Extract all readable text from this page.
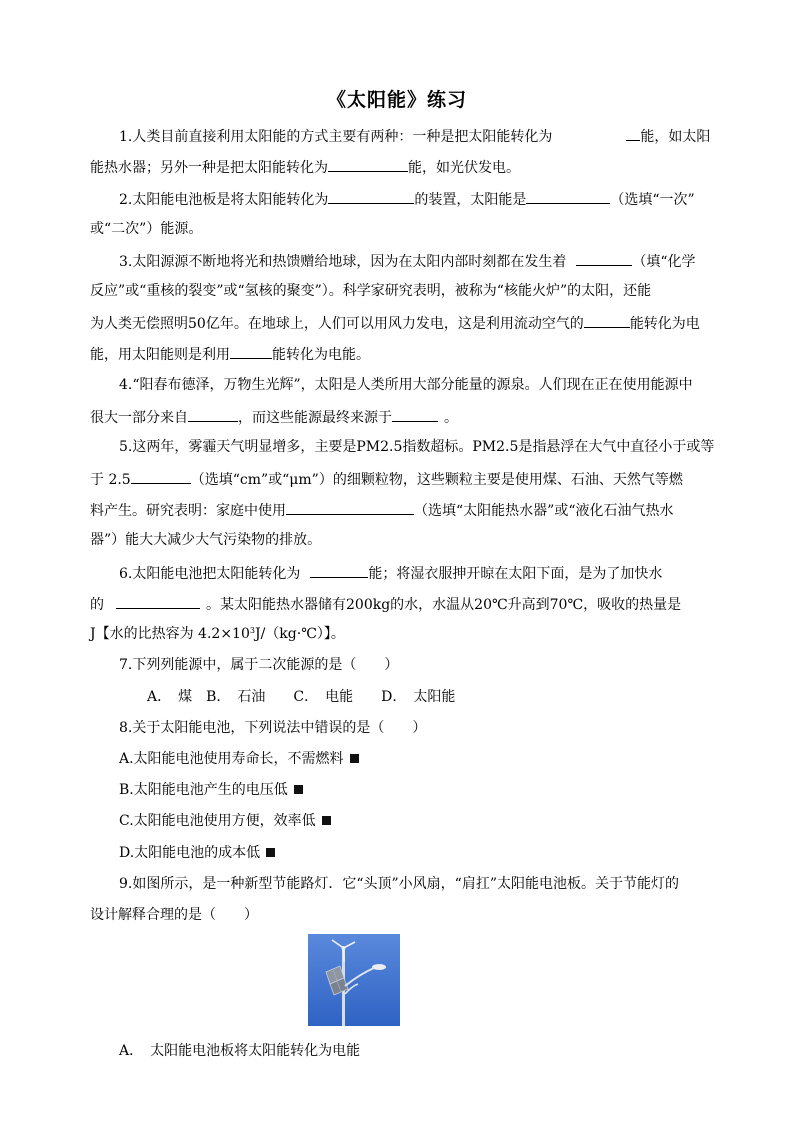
《太阳能》练习
1.人类目前直接利用太阳能的方式主要有两种：一种是把太阳能转化为	能，如太阳
能热水器；另外一种是把太阳能转化为	能，如光伏发电。
2.太阳能电池板是将太阳能转化为	的装置，太阳能是	（选填“一次”
或“二次”）能源。
3.太阳源源不断地将光和热馈赠给地球，因为在太阳内部时刻都在发生着	（填“化学
反应”或“重核的裂变”或“氢核的聚变”）。科学家研究表明，被称为“核能火炉”的太阳，还能
为人类无偿照明50亿年。在地球上，人们可以用风力发电，这是利用流动空气的	能转化为电
能，用太阳能则是利用	能转化为电能。
4.“阳春布德泽，万物生光辉”，太阳是人类所用大部分能量的源泉。人们现在正在使用能源中
很大一部分来自	，而这些能源最终来源于	。
5.这两年，雾霾天气明显增多，主要是PM2.5指数超标。PM2.5是指悬浮在大气中直径小于或等
于 2.5	（选填“cm”或“μm”）的细颗粒物，这些颗粒主要是使用煤、石油、天然气等燃
料产生。研究表明：家庭中使用	（选填“太阳能热水器”或“液化石油气热水
器”）能大大减少大气污染物的排放。
6.太阳能电池把太阳能转化为	能；将湿衣服抻开晾在太阳下面，是为了加快水
的	。某太阳能热水器储有200kg的水，水温从20℃升高到70℃，吸收的热量是
J【水的比热容为 $4.2\times 10^3J/(kg\cdot℃)$】。
7.下列列能源中，属于二次能源的是（　　）
A．　煤　B．　石油　　C．　电能　　D．　太阳能
8.关于太阳能电池，下列说法中错误的是（　　）
A.太阳能电池使用寿命长，不需燃料
B.太阳能电池产生的电压低
C.太阳能电池使用方便，效率低
D.太阳能电池的成本低
9.如图所示，是一种新型节能路灯．它“头顶”小风扇，“肩扛”太阳能电池板。关于节能灯的
设计解释合理的是（　　）
A．　太阳能电池板将太阳能转化为电能
